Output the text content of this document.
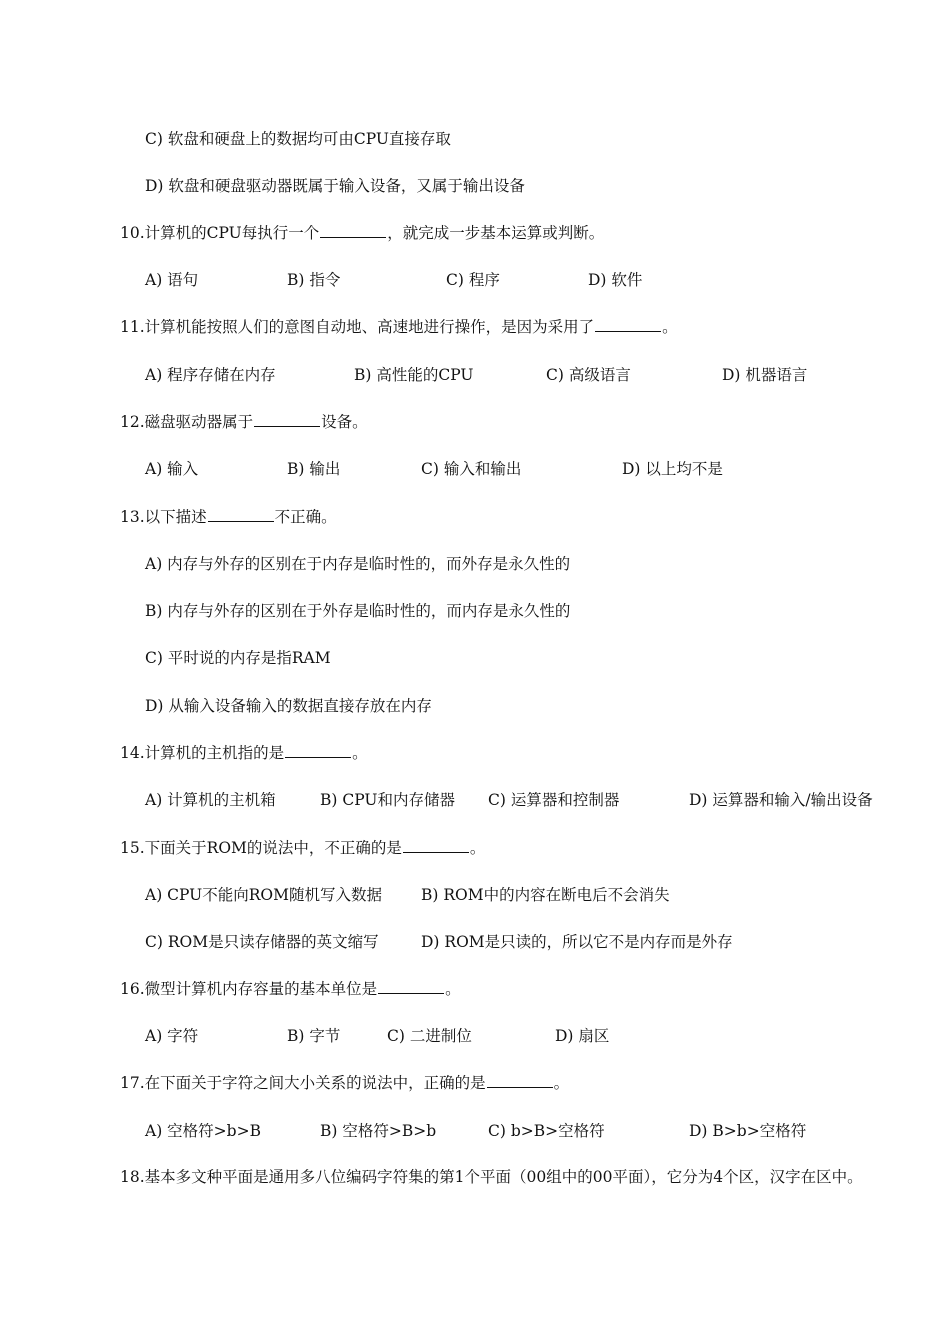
C) 软盘和硬盘上的数据均可由CPU直接存取
D) 软盘和硬盘驱动器既属于输入设备，又属于输出设备
10.计算机的CPU每执行一个	，就完成一步基本运算或判断。
A) 语句	B) 指令	C) 程序	D) 软件
11.计算机能按照人们的意图自动地、高速地进行操作，是因为采用了	。
A) 程序存储在内存	B) 高性能的CPU	C) 高级语言	D) 机器语言
12.磁盘驱动器属于	设备。
A) 输入	B) 输出	C) 输入和输出	D) 以上均不是
13.以下描述	不正确。
A) 内存与外存的区别在于内存是临时性的，而外存是永久性的
B) 内存与外存的区别在于外存是临时性的，而内存是永久性的
C) 平时说的内存是指RAM
D) 从输入设备输入的数据直接存放在内存
14.计算机的主机指的是	。
A) 计算机的主机箱	B) CPU和内存储器 C) 运算器和控制器	D) 运算器和输入/输出设备
15.下面关于ROM的说法中，不正确的是	。
A) CPU不能向ROM随机写入数据	B) ROM中的内容在断电后不会消失
C) ROM是只读存储器的英文缩写	D) ROM是只读的，所以它不是内存而是外存
16.微型计算机内存容量的基本单位是	。
A) 字符	B) 字节	C) 二进制位	D) 扇区
17.在下面关于字符之间大小关系的说法中，正确的是	。
A) 空格符>b>B	B) 空格符>B>b	C) b>B>空格符	D) B>b>空格符
18.基本多文种平面是通用多八位编码字符集的第1个平面（00组中的00平面），它分为4个区，汉字在区中。
